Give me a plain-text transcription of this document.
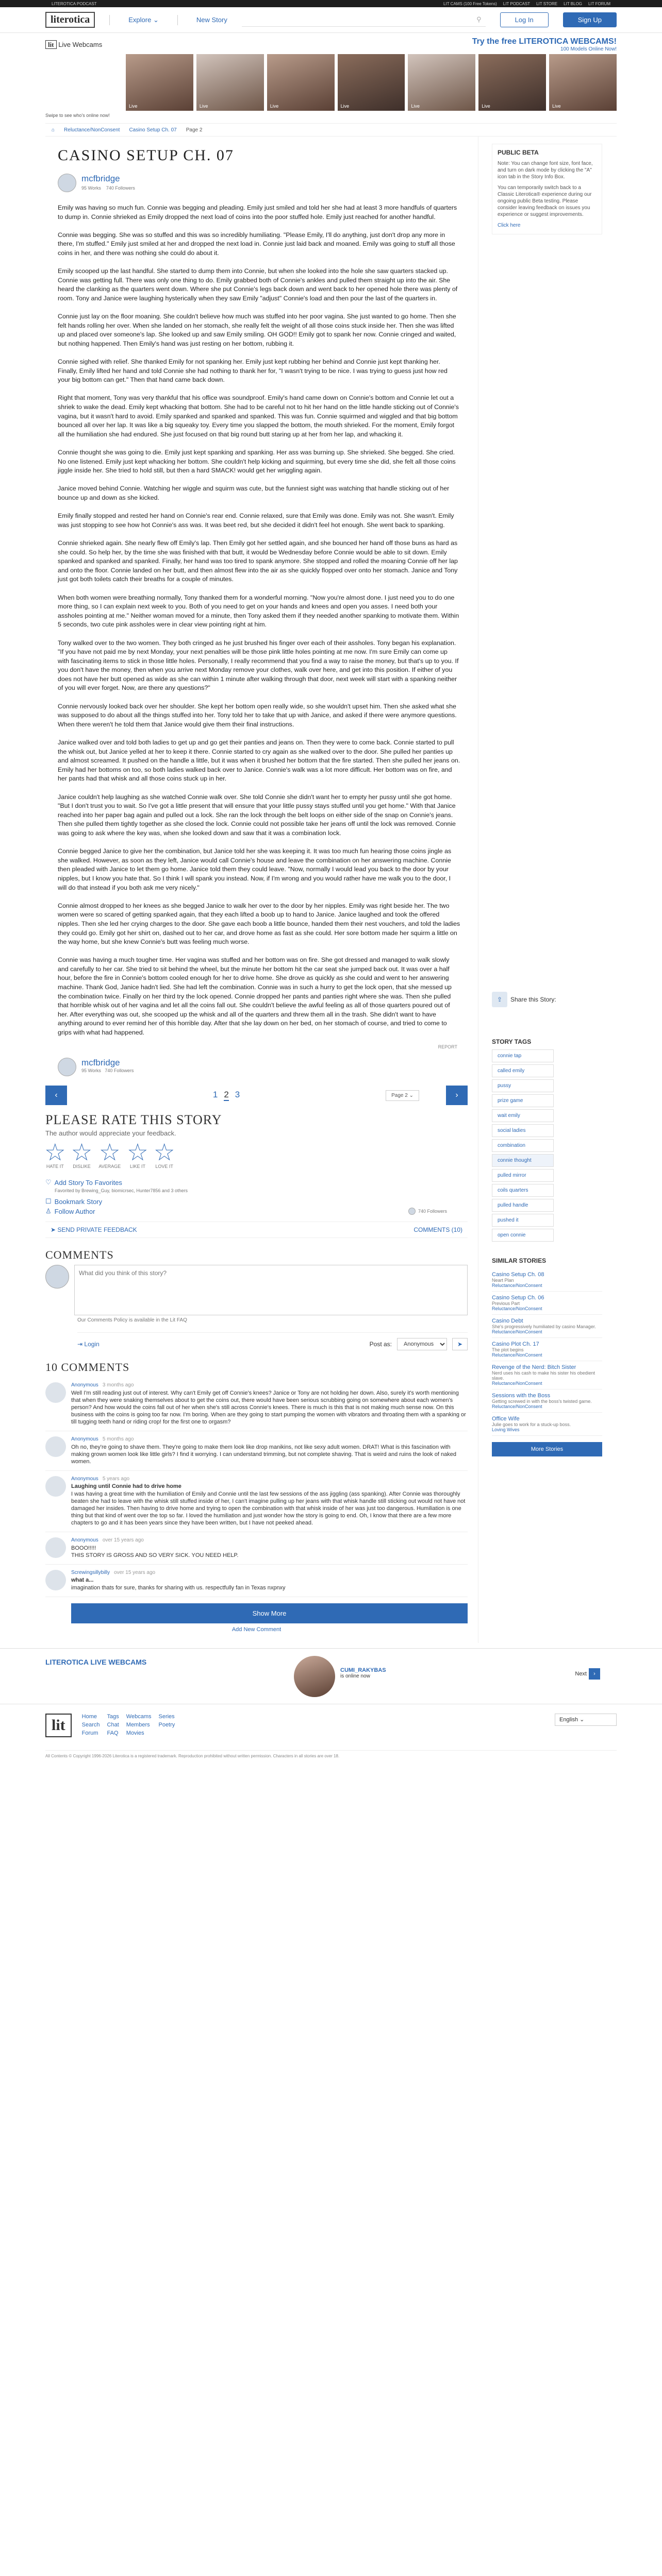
LITEROTICA PODCAST	LIT CAMS (100 Free Tokens) LIT PODCAST LIT STORE LIT BLOG LIT FORUM
literotica	Explore ⌄	New Story	⚲	Log In	Sign Up
lit Live Webcams	Try the free LITEROTICA WEBCAMS!
100 Models Online Now!
Live	Live	Live	Live	Live	Live	Live	Live
Swipe to see who's online now!
⌂ Reluctance/NonConsent Casino Setup Ch. 07 Page 2
CASINO SETUP CH. 07
mcfbridge
95 Works 740 Followers

Emily was having so much fun. Connie was begging and pleading. Emily just smiled and told her she had at least 3 more handfuls of quarters to dump in. Connie shrieked as Emily dropped the next load of coins into the poor stuffed hole. Emily just reached for another handful.

Connie was begging. She was so stuffed and this was so incredibly humiliating. "Please Emily, I'll do anything, just don't drop any more in there, I'm stuffed." Emily just smiled at her and dropped the next load in. Connie just laid back and moaned. Emily was going to stuff all those coins in her, and there was nothing she could do about it.

Emily scooped up the last handful. She started to dump them into Connie, but when she looked into the hole she saw quarters stacked up. Connie was getting full. There was only one thing to do. Emily grabbed both of Connie's ankles and pulled them straight up into the air. She heard the clanking as the quarters went down. Where she put Connie's legs back down and went back to her opened hole there was plenty of room. Tony and Janice were laughing hysterically when they saw Emily "adjust" Connie's load and then pour the last of the quarters in.

Connie just lay on the floor moaning. She couldn't believe how much was stuffed into her poor vagina. She just wanted to go home. Then she felt hands rolling her over. When she landed on her stomach, she really felt the weight of all those coins stuck inside her. Then she was lifted up and placed over someone's lap. She looked up and saw Emily smiling. OH GOD!! Emily got to spank her now. Connie cringed and waited, but nothing happened. Then Emily's hand was just resting on her bottom, rubbing it.

Connie sighed with relief. She thanked Emily for not spanking her. Emily just kept rubbing her behind and Connie just kept thanking her. Finally, Emily lifted her hand and told Connie she had nothing to thank her for, "I wasn't trying to be nice. I was trying to guess just how red your big bottom can get." Then that hand came back down.

Right that moment, Tony was very thankful that his office was soundproof. Emily's hand came down on Connie's bottom and Connie let out a shriek to wake the dead. Emily kept whacking that bottom. She had to be careful not to hit her hand on the little handle sticking out of Connie's vagina, but it wasn't hard to avoid. Emily spanked and spanked and spanked. This was fun. Connie squirmed and wiggled and that big bottom bounced all over her lap. It was like a big squeaky toy. Every time you slapped the bottom, the mouth shrieked. For the moment, Emily forgot all the humiliation she had endured. She just focused on that big round butt staring up at her from her lap, and whacking it.

Connie thought she was going to die. Emily just kept spanking and spanking. Her ass was burning up. She shrieked. She begged. She cried. No one listened. Emily just kept whacking her bottom. She couldn't help kicking and squirming, but every time she did, she felt all those coins jiggle inside her. She tried to hold still, but then a hard SMACK! would get her wriggling again.

Janice moved behind Connie. Watching her wiggle and squirm was cute, but the funniest sight was watching that handle sticking out of her bounce up and down as she kicked.

Emily finally stopped and rested her hand on Connie's rear end. Connie relaxed, sure that Emily was done. Emily was not. She wasn't. Emily was just stopping to see how hot Connie's ass was. It was beet red, but she decided it didn't feel hot enough. She went back to spanking.

Connie shrieked again. She nearly flew off Emily's lap. Then Emily got her settled again, and she bounced her hand off those buns as hard as she could. So help her, by the time she was finished with that butt, it would be Wednesday before Connie would be able to sit down. Emily spanked and spanked and spanked. Finally, her hand was too tired to spank anymore. She stopped and rolled the moaning Connie off her lap and onto the floor. Connie landed on her butt, and then almost flew into the air as she quickly flopped over onto her stomach. Janice and Tony just got both toilets catch their breaths for a couple of minutes.

When both women were breathing normally, Tony thanked them for a wonderful morning. "Now you're almost done. I just need you to do one more thing, so I can explain next week to you. Both of you need to get on your hands and knees and open you asses. I need both your assholes pointing at me." Neither woman moved for a minute, then Tony asked them if they needed another spanking to motivate them. Within 5 seconds, two cute pink assholes were in clear view pointing right at him.

Tony walked over to the two women. They both cringed as he just brushed his finger over each of their assholes. Tony began his explanation. "If you have not paid me by next Monday, your next penalties will be those pink little holes pointing at me now. I'm sure Emily can come up with fascinating items to stick in those little holes. Personally, I really recommend that you find a way to raise the money, but that's up to you. If you don't have the money, then when you arrive next Monday remove your clothes, walk over here, and get into this position. If either of you does not have her butt opened as wide as she can within 1 minute after walking through that door, next week will start with a spanking neither of you will ever forget. Now, are there any questions?"

Connie nervously looked back over her shoulder. She kept her bottom open really wide, so she wouldn't upset him. Then she asked what she was supposed to do about all the things stuffed into her. Tony told her to take that up with Janice, and asked if there were anymore questions. When there weren't he told them that Janice would give them their final instructions.

Janice walked over and told both ladies to get up and go get their panties and jeans on. Then they were to come back. Connie started to pull the whisk out, but Janice yelled at her to keep it there. Connie started to cry again as she walked over to the door. She pulled her panties up and almost screamed. It pushed on the handle a little, but it was when it brushed her bottom that the fire started. Then she pulled her jeans on. Emily had her bottoms on too, so both ladies walked back over to Janice. Connie's walk was a lot more difficult. Her bottom was on fire, and her pants had that whisk and all those coins stuck up in her.

Janice couldn't help laughing as she watched Connie walk over. She told Connie she didn't want her to empty her pussy until she got home. "But I don't trust you to wait. So I've got a little present that will ensure that your little pussy stays stuffed until you get home." With that Janice reached into her paper bag again and pulled out a lock. She ran the lock through the belt loops on either side of the snap on Connie's jeans. Then she pulled them tightly together as she closed the lock. Connie could not possible take her jeans off until the lock was removed. Connie was going to ask where the key was, when she looked down and saw that it was a combination lock.

Connie begged Janice to give her the combination, but Janice told her she was keeping it. It was too much fun hearing those coins jingle as she walked. However, as soon as they left, Janice would call Connie's house and leave the combination on her answering machine. Connie then pleaded with Janice to let them go home. Janice told them they could leave. "Now, normally I would lead you back to the door by your nipples, but I know you hate that. So I think I will spank you instead. Now, if I'm wrong and you would rather have me walk you to the door, I will do that instead if you both ask me very nicely."

Connie almost dropped to her knees as she begged Janice to walk her over to the door by her nipples. Emily was right beside her. The two women were so scared of getting spanked again, that they each lifted a boob up to hand to Janice. Janice laughed and took the offered nipples. Then she led her crying charges to the door. She gave each boob a little bounce, handed them their nest vouchers, and told the ladies they could go. Emily got her shirt on, dashed out to her car, and drove home as fast as she could. Her sore bottom made her squirm a little on the way home, but she knew Connie's butt was feeling much worse.

Connie was having a much tougher time. Her vagina was stuffed and her bottom was on fire. She got dressed and managed to walk slowly and carefully to her car. She tried to sit behind the wheel, but the minute her bottom hit the car seat she jumped back out. It was over a half hour, before the fire in Connie's bottom cooled enough for her to drive home. She drove as quickly as she could and went to her answering machine. Thank God, Janice hadn't lied. She had left the combination. Connie was in such a hurry to get the lock open, that she messed up the combination twice. Finally on her third try the lock opened. Connie dropped her pants and panties right where she was. Then she pulled that horrible whisk out of her vagina and let all the coins fall out. She couldn't believe the awful feeling as all of those quarters poured out of her. After everything was out, she scooped up the whisk and all of the quarters and threw them all in the trash. She didn't want to have anything around to ever remind her of this horrible day. After that she lay down on her bed, on her stomach of course, and tried to come to grips with what had happened.

REPORT
mcfbridge
95 Works 740 Followers
‹	1 2 3	Page 2 ⌄	›
PLEASE RATE THIS STORY
The author would appreciate your feedback.
★
HATE IT
★
DISLIKE
★
AVERAGE
★
LIKE IT
★
LOVE IT
♡ Add Story To Favorites
Favorited by Brewing_Guy, biomicrsec, Hunter7856 and 3 others
☐ Bookmark Story
♙ Follow Author	740 Followers
➤ SEND PRIVATE FEEDBACK	COMMENTS (10)
COMMENTS
What did you think of this story?
Our Comments Policy is available in the Lit FAQ
⇥ Login	Post as:
Anonymous	➤
10 COMMENTS
Anonymous 3 months ago
Well I'm still reading just out of interest. Why can't Emily get off Connie's knees? Janice or Tony are not holding her down. Also, surely it's worth mentioning that when they were snaking themselves about to get the coins out, there would have been serious scrubbing going on somewhere about each women's person? And how would the coins fall out of her when she's still across Connie's knees. There is much is this that is not making much sense now. On this business with the coins is going too far now. I'm boring. When are they going to start pumping the women with vibrators and throating them with a spanking or till tugging teeth hand or riding crop! for the first one to orgasm?
Anonymous 5 months ago
Oh no, they're going to shave them. They're going to make them look like drop manikins, not like sexy adult women. DRAT! What is this fascination with making grown women look like little girls? I find it worrying. I can understand trimming, but not complete shaving. That is weird and ruins the look of naked women.
Anonymous 5 years ago
Laughing until Connie had to drive home
I was having a great time with the humiliation of Emily and Connie until the last few sessions of the ass jiggling (ass spanking). After Connie was thoroughly beaten she had to leave with the whisk still stuffed inside of her, I can't imagine pulling up her jeans with that whisk handle still sticking out would not have not damaged her insides. Then having to drive home and trying to open the combination with that whisk inside of her was just too dangerous. Humiliation is one thing but that kind of went over the top so far. I loved the humiliation and just wonder how the story is going to end. Oh, I know that there are a few more chapters to go and it has been years since they have been written, but I have not peeked ahead.
Anonymous over 15 years ago
BOOO!!!!!
THIS STORY IS GROSS AND SO VERY SICK. YOU NEED HELP.
Screwingsillybilly over 15 years ago
what a...
imagination thats for sure, thanks for sharing with us. respectfully fan in Texas nxpnxy
Show More
Add New Comment
PUBLIC BETA

Note: You can change font size, font face, and turn on dark mode by clicking the "A" icon tab in the Story Info Box.

You can temporarily switch back to a Classic Literotica® experience during our ongoing public Beta testing. Please consider leaving feedback on issues you experience or suggest improvements.

Click here
⇪	Share this Story:
STORY TAGS
connie tap
called emily
pussy
prize game
wait emily
social ladies
combination
connie thought
pulled mirror
coils quarters
pulled handle
pushed it
open connie
SIMILAR STORIES
Casino Setup Ch. 08
Neart Plan
Reluctance/NonConsent
Casino Setup Ch. 06
Previous Part
Reluctance/NonConsent
Casino Debt
She's progressively humiliated by casino Manager.
Reluctance/NonConsent
Casino Plot Ch. 17
The plot begins
Reluctance/NonConsent
Revenge of the Nerd: Bitch Sister
Nerd uses his cash to make his sister his obedient slave.
Reluctance/NonConsent
Sessions with the Boss
Getting screwed in with the boss's twisted game.
Reluctance/NonConsent
Office Wife
Julie goes to work for a stuck-up boss.
Loving Wives
More Stories
LITEROTICA LIVE WEBCAMS
CUMI_RAKYBAS
is online now	Next	›
lit	Home	Tags Webcams Series
Search Chat Members Poetry
Forum FAQ Movies
English ⌄
All Contents © Copyright 1996-2026 Literotica is a registered trademark. Reproduction prohibited without written permission. Characters in all stories are over 18.
